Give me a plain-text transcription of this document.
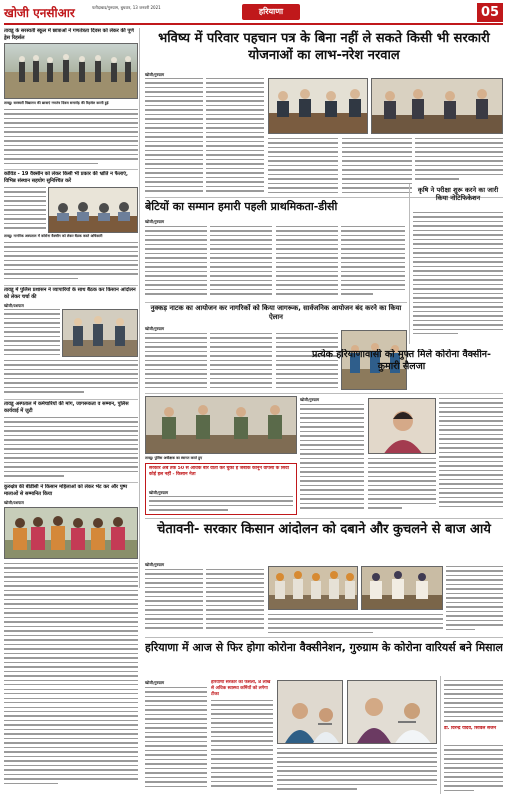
खोजी एनसीआर	फरीदाबाद/गुरुग्राम, बुधवार, 13 जनवरी 2021	हरियाणा	05
तावडू के सरस्वती स्कूल में छात्राओं ने गणतंत्रता दिवस को लेकर की पूर्ण ड्रेस रिहर्सल
तावडू। सरस्वती विद्यालय की छात्राएं गणतंत्र दिवस समारोह की रिहर्सल करती हुई
कोविड - 19 वैक्सीन को लेकर किसी भी प्रकार की भ्रांति न फैलाएं, विभिन्न संस्थान सहयोग सुनिश्चित करें
तावडू। नागरिक अस्पताल में कोरोना वैक्सीन को लेकर बैठक करते अधिकारी
तावडू में पुलिस प्रशासन ने व्यापारियों के साथ बैठक कर किसान आंदोलन को लेकर चर्चा की
खोजी/यशपाल
तावडू अस्पताल में कर्मचारियों की मांग, जागरूकता व सम्मान, पुलिस कार्यवाई में जुटी
कुरुक्षेत्र की बीडीसी ने किसान महिलाओं को लेकर भेंट कर और पुष्प मालाओं से सम्मानित किया
खोजी/यशपाल
भविष्य में परिवार पहचान पत्र के बिना नहीं ले सकते किसी भी सरकारी योजनाओं का लाभ-नरेश नरवाल
खोजी/गुरुग्राम
बेटियों का सम्मान हमारी पहली प्राथमिकता-डीसी
खोजी/गुरुग्राम
कृषि ने परीक्षा शुरू करने का जारी किया नोटिफिकेशन
नुक्कड़ नाटक का आयोजन कर नागरिकों को किया जागरूक, सार्वजनिक आयोजन बंद करने का किया ऐलान
खोजी/गुरुग्राम
प्रत्येक हरियाणावासी को मुफ्त मिले कोरोना वैक्सीन- कुमारी सैलजा
खोजी/गुरुग्राम
तावडू। पुलिस अधीक्षक का स्वागत करते हुए
सरकार अब तक 50 से अधिक बार वार्ता कर चुकी है जबकि कानून वापसी के सिवा कोई हल नहीं - किसान नेता
खोजी/गुरुग्राम
चेतावनी- सरकार किसान आंदोलन को दबाने और कुचलने से बाज आये
खोजी/गुरुग्राम
हरियाणा में आज से फिर होगा कोरोना वैक्सीनेशन, गुरुग्राम के कोरोना वारियर्स बने मिसाल
खोजी/गुरुग्राम	हरियाणा सरकार का फैसला, 8 लाख से अधिक स्वास्थ्य कर्मियों को लगेगा टीका
डॉ. विरेन्द्र यादव, सिविल सर्जन
